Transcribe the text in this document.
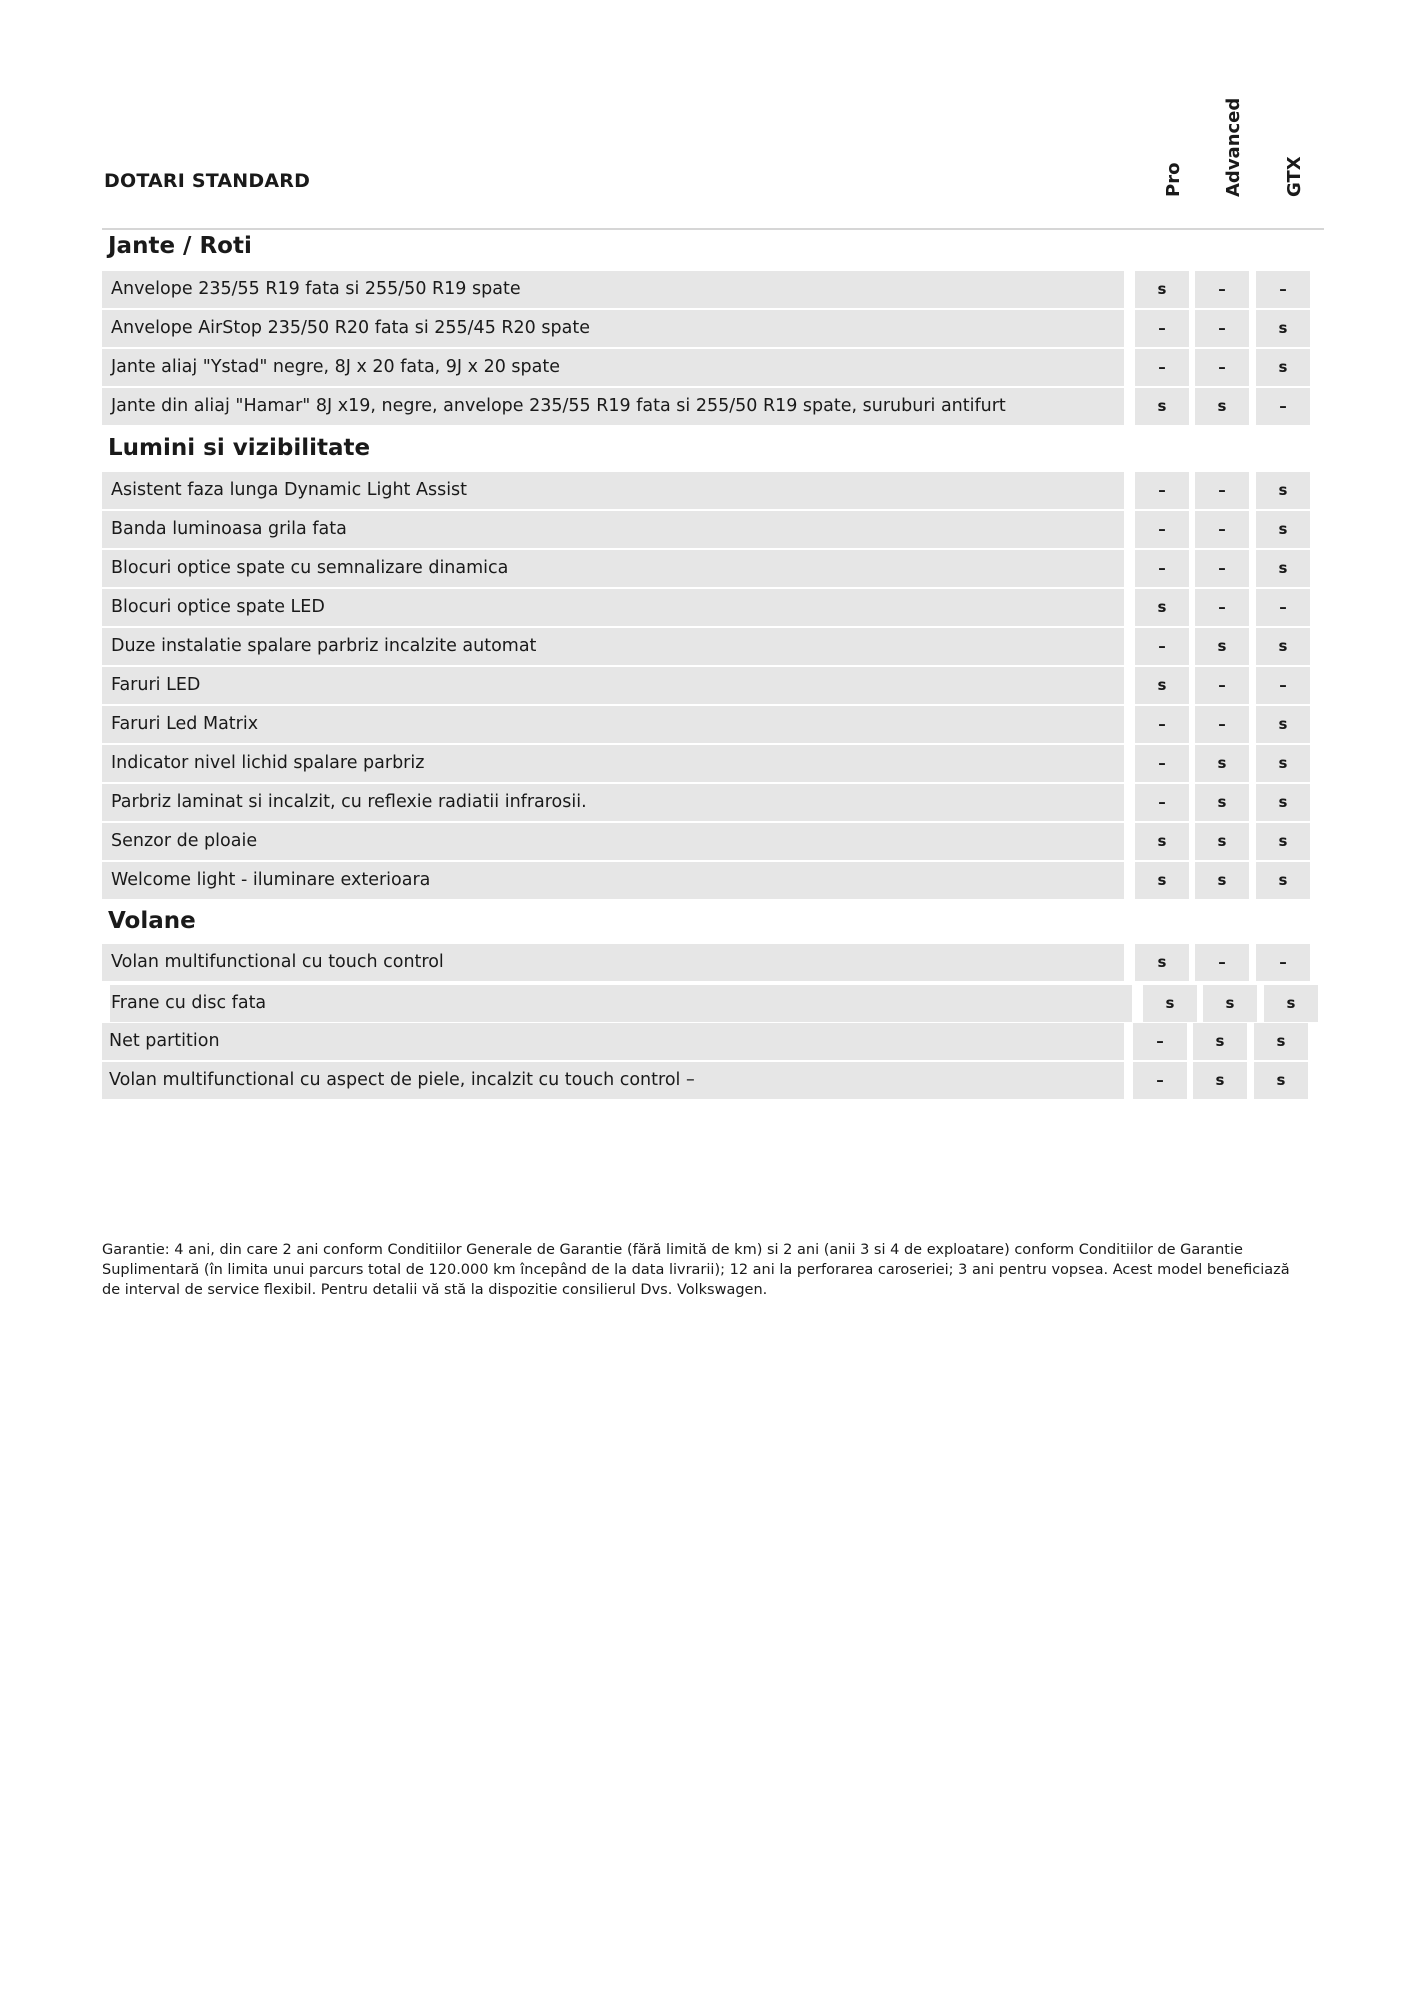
DOTARI STANDARD	Pro Advanced GTX
Jante / Roti
Anvelope 235/55 R19 fata si 255/50 R19 spate	s	–	–
Anvelope AirStop 235/50 R20 fata si 255/45 R20 spate	–	–	s
Jante aliaj "Ystad" negre, 8J x 20 fata, 9J x 20 spate	–	–	s
Jante din aliaj "Hamar" 8J x19, negre, anvelope 235/55 R19 fata si 255/50 R19 spate, suruburi antifurt	s	s	–
Lumini si vizibilitate
Asistent faza lunga Dynamic Light Assist	–	–	s
Banda luminoasa grila fata	–	–	s
Blocuri optice spate cu semnalizare dinamica	–	–	s
Blocuri optice spate LED	s	–	–
Duze instalatie spalare parbriz incalzite automat	–	s	s
Faruri LED	s	–	–
Faruri Led Matrix	–	–	s
Indicator nivel lichid spalare parbriz	–	s	s
Parbriz laminat si incalzit, cu reflexie radiatii infrarosii.	–	s	s
Senzor de ploaie	s	s	s
Welcome light - iluminare exterioara	s	s	s
Volane
Volan multifunctional cu touch control	s	–	–
Frane cu disc fata	s	s	s
Net partition	–	s	s
Volan multifunctional cu aspect de piele, incalzit cu touch control –	–	s	s
Garantie: 4 ani, din care 2 ani conform Conditiilor Generale de Garantie (fără limită de km) si 2 ani (anii 3 si 4 de exploatare) conform Conditiilor de Garantie Suplimentară (în limita unui parcurs total de 120.000 km începând de la data livrarii); 12 ani la perforarea caroseriei; 3 ani pentru vopsea. Acest model beneficiază de interval de service flexibil. Pentru detalii vă stă la dispozitie consilierul Dvs. Volkswagen.
